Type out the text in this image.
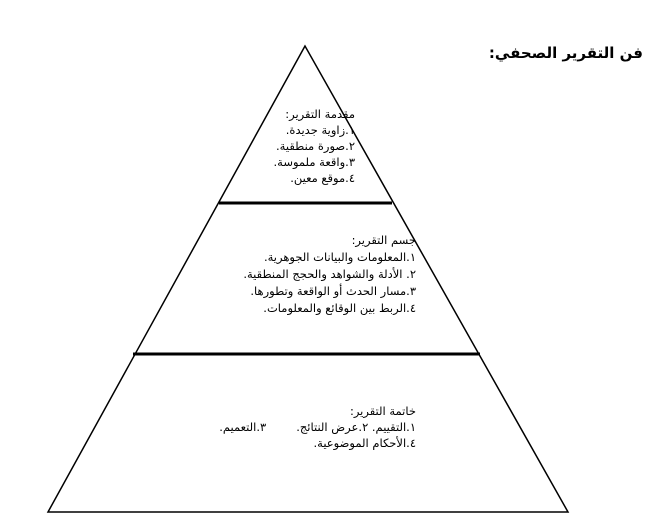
فن التقرير الصحفي:
مقدمة التقرير:
١.زاوية جديدة.
٢.صورة منطقية.
٣.واقعة ملموسة.
٤.موقع معين.
جسم التقرير:
١.المعلومات والبيانات الجوهرية.
٢. الأدلة والشواهد والحجج المنطقية.
٣.مسار الحدث أو الواقعة وتطورها.
٤.الربط بين الوقائع والمعلومات.
خاتمة التقرير:
١.التقييم. ٢.عرض النتائج.٣.التعميم.
٤.الأحكام الموضوعية.
